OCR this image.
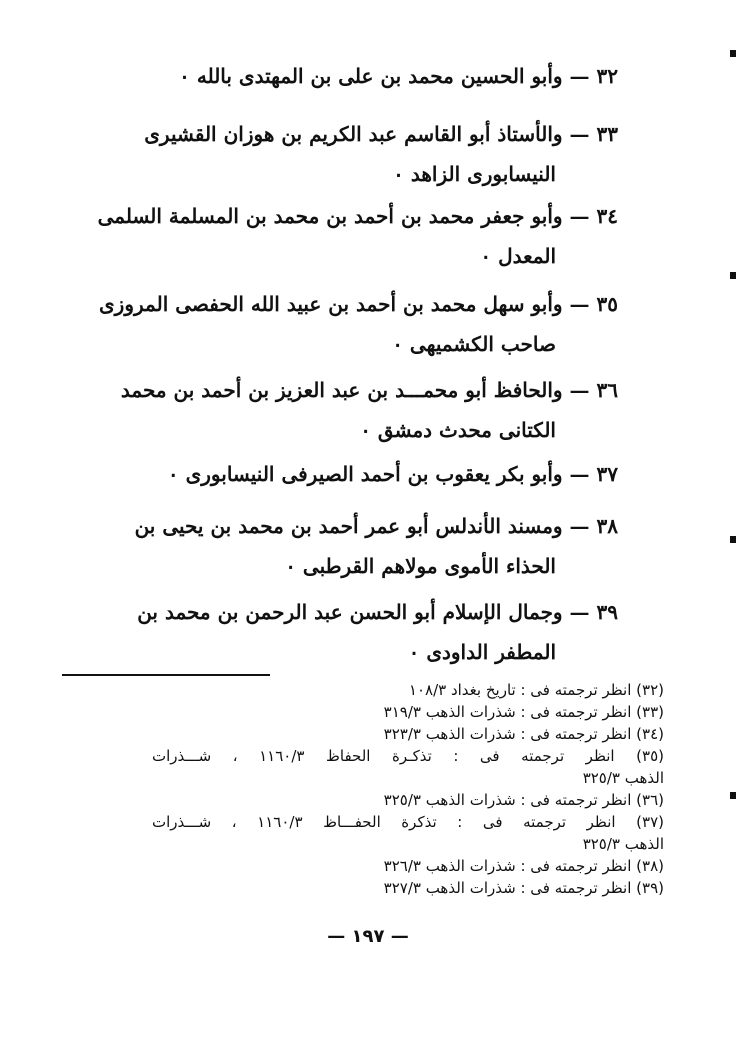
٣٢ — وأبو الحسين محمد بن على بن المهتدى بالله ٠
٣٣ — والأستاذ أبو القاسم عبد الكريم بن هوزان القشيرى
النيسابورى الزاهد ٠
٣٤ — وأبو جعفر محمد بن أحمد بن محمد بن المسلمة السلمى
المعدل ٠
٣٥ — وأبو سهل محمد بن أحمد بن عبيد الله الحفصى المروزى
صاحب الكشميهى ٠
٣٦ — والحافظ أبو محمـــد بن عبد العزيز بن أحمد بن محمد
الكتانى محدث دمشق ٠
٣٧ — وأبو بكر يعقوب بن أحمد الصيرفى النيسابورى ٠
٣٨ — ومسند الأندلس أبو عمر أحمد بن محمد بن يحيى بن
الحذاء الأموى مولاهم القرطبى ٠
٣٩ — وجمال الإسلام أبو الحسن عبد الرحمن بن محمد بن
المطفر الداودى ٠
(٣٢) انظر ترجمته فى : تاريخ بغداد ١٠٨/٣
(٣٣) انظر ترجمته فى : شذرات الذهب ٣١٩/٣
(٣٤) انظر ترجمته فى : شذرات الذهب ٣٢٣/٣
(٣٥) انظر ترجمته فى : تذكـرة الحفاظ ١١٦٠/٣ ، شـــذرات
الذهب ٣٢٥/٣
(٣٦) انظر ترجمته فى : شذرات الذهب ٣٢٥/٣
(٣٧) انظر ترجمته فى : تذكرة الحفـــاظ ١١٦٠/٣ ، شـــذرات
الذهب ٣٢٥/٣
(٣٨) انظر ترجمته فى : شذرات الذهب ٣٢٦/٣
(٣٩) انظر ترجمته فى : شذرات الذهب ٣٢٧/٣
— ١٩٧ —
